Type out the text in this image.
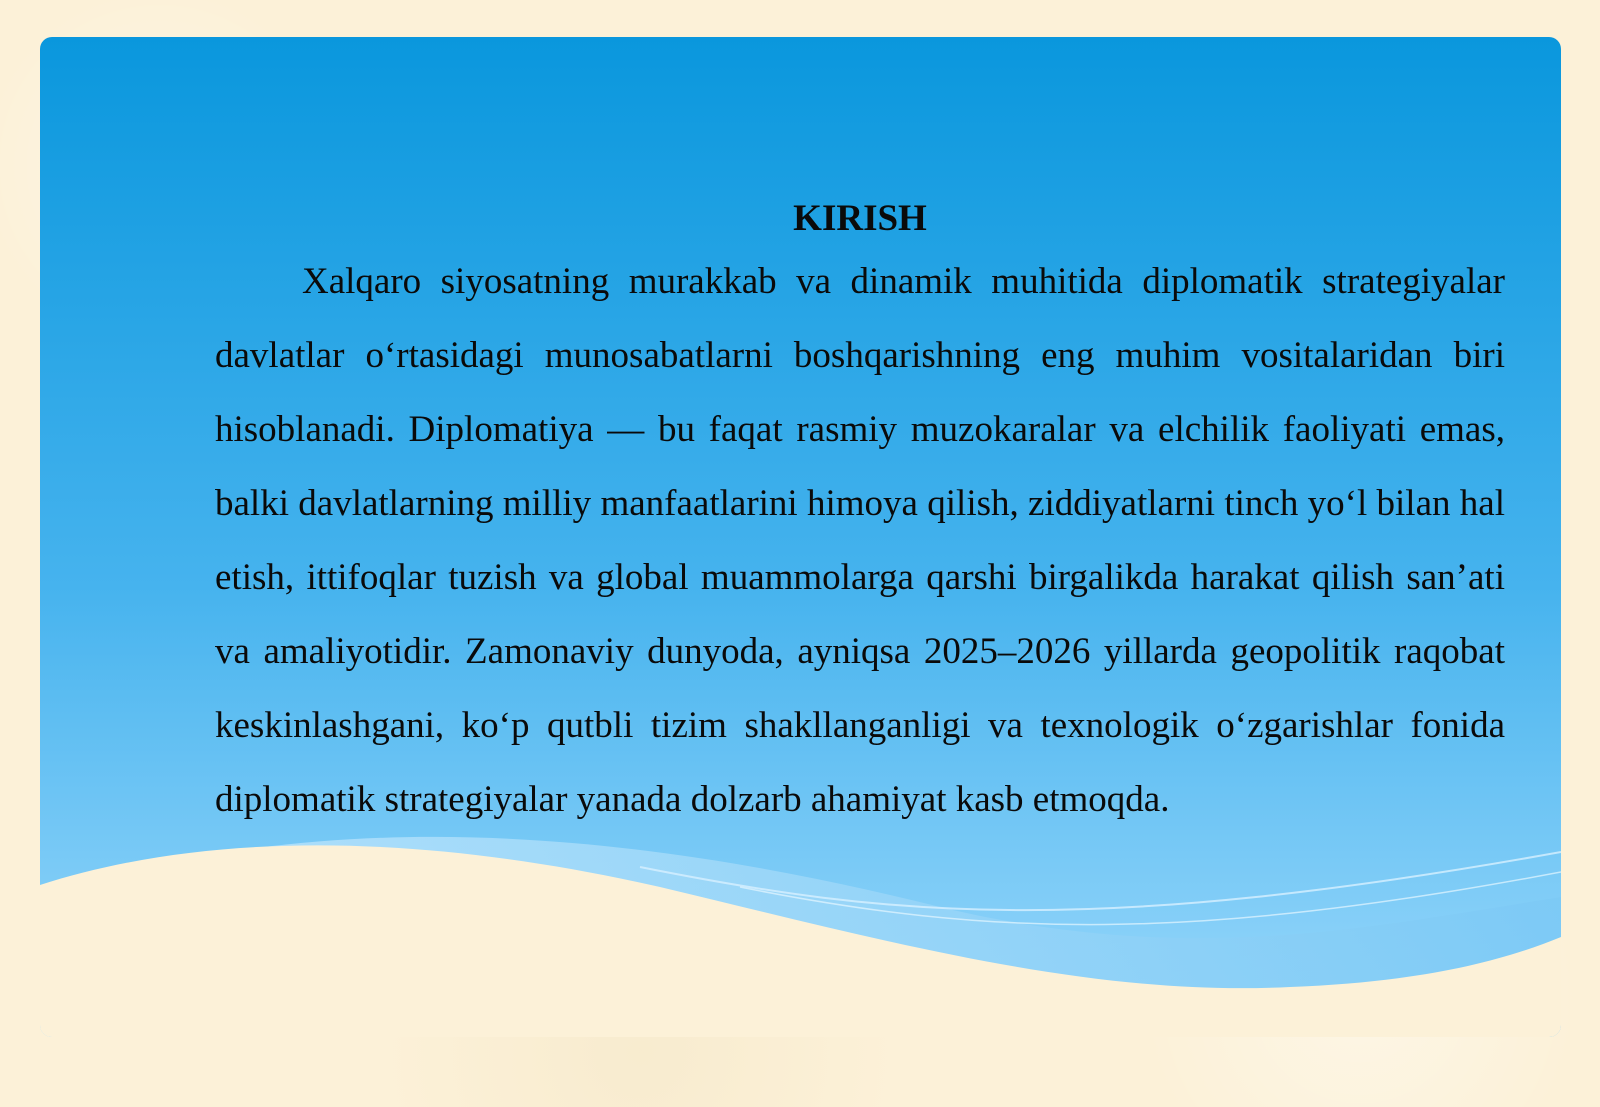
KIRISH

Xalqaro siyosatning murakkab va dinamik muhitida diplomatik strategiyalar davlatlar o‘rtasidagi munosabatlarni boshqarishning eng muhim vositalaridan biri hisoblanadi. Diplomatiya — bu faqat rasmiy muzokaralar va elchilik faoliyati emas, balki davlatlarning milliy manfaatlarini himoya qilish, ziddiyatlarni tinch yo‘l bilan hal etish, ittifoqlar tuzish va global muammolarga qarshi birgalikda harakat qilish san’ati va amaliyotidir. Zamonaviy dunyoda, ayniqsa 2025–2026 yillarda geopolitik raqobat keskinlashgani, ko‘p qutbli tizim shakllanganligi va texnologik o‘zgarishlar fonida diplomatik strategiyalar yanada dolzarb ahamiyat kasb etmoqda.
